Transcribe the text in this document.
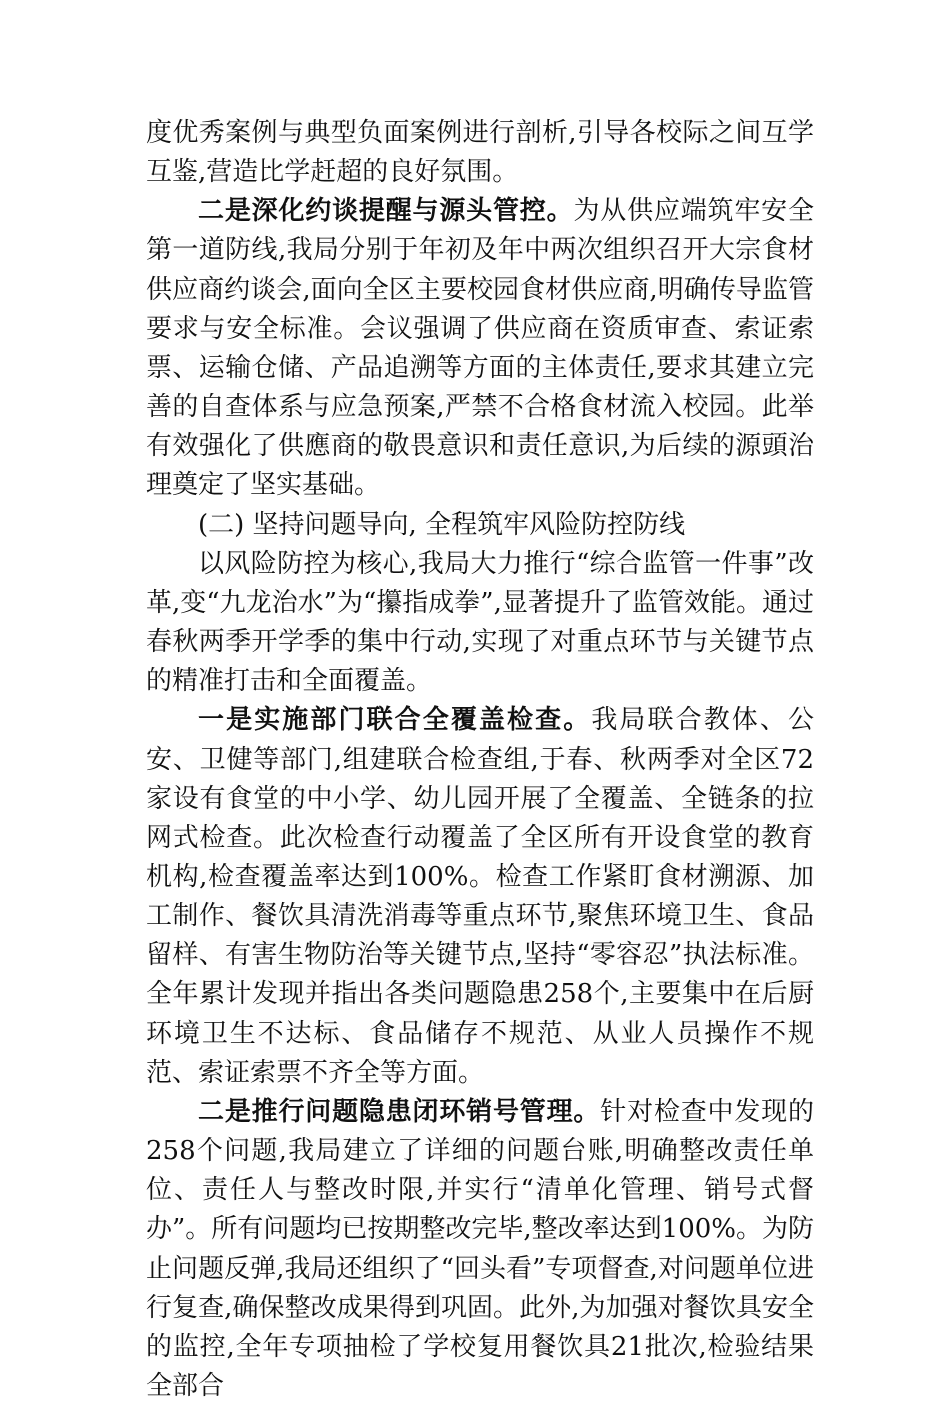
度优秀案例与典型负面案例进行剖析,引导各校际之间互学互鉴,营造比学赶超的良好氛围。

二是深化约谈提醒与源头管控。为从供应端筑牢安全第一道防线,我局分别于年初及年中两次组织召开大宗食材供应商约谈会,面向全区主要校园食材供应商,明确传导监管要求与安全标准。会议强调了供应商在资质审查、索证索票、运输仓储、产品追溯等方面的主体责任,要求其建立完善的自查体系与应急预案,严禁不合格食材流入校园。此举有效强化了供應商的敬畏意识和责任意识,为后续的源頭治理奠定了坚实基础。

(二) 坚持问题导向, 全程筑牢风险防控防线

以风险防控为核心,我局大力推行“综合监管一件事”改革,变“九龙治水”为“攥指成拳”,显著提升了监管效能。通过春秋两季开学季的集中行动,实现了对重点环节与关键节点的精准打击和全面覆盖。

一是实施部门联合全覆盖检查。我局联合教体、公安、卫健等部门,组建联合检查组,于春、秋两季对全区72家设有食堂的中小学、幼儿园开展了全覆盖、全链条的拉网式检查。此次检查行动覆盖了全区所有开设食堂的教育机构,检查覆盖率达到100%。检查工作紧盯食材溯源、加工制作、餐饮具清洗消毒等重点环节,聚焦环境卫生、食品留样、有害生物防治等关键节点,坚持“零容忍”执法标准。全年累计发现并指出各类问题隐患258个,主要集中在后厨环境卫生不达标、食品储存不规范、从业人员操作不规范、索证索票不齐全等方面。

二是推行问题隐患闭环销号管理。针对检查中发现的258个问题,我局建立了详细的问题台账,明确整改责任单位、责任人与整改时限,并实行“清单化管理、销号式督办”。所有问题均已按期整改完毕,整改率达到100%。为防止问题反弹,我局还组织了“回头看”专项督查,对问题单位进行复查,确保整改成果得到巩固。此外,为加强对餐饮具安全的监控,全年专项抽检了学校复用餐饮具21批次,检验结果全部合
